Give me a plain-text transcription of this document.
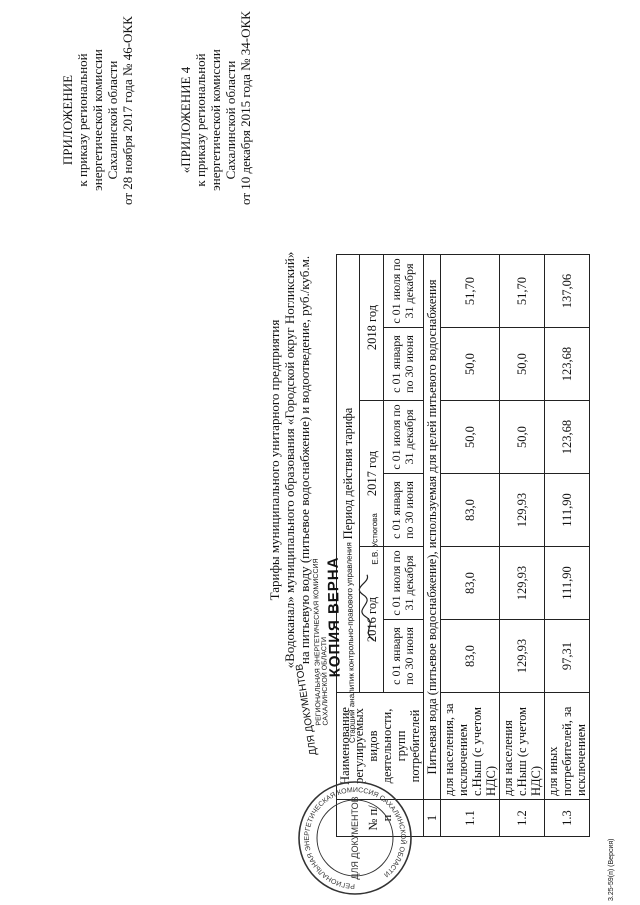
ПРИЛОЖЕНИЕ к приказу региональной энергетической комиссии Сахалинской области от 28 ноября 2017 года № 46-ОКК	«ПРИЛОЖЕНИЕ 4 к приказу региональной энергетической комиссии Сахалинской области от 10 декабря 2015 года № 34-ОКК
Тарифы муниципального унитарного предприятия «Водоканал» муниципального образования «Городской округ Ногликский» на питьевую воду (питьевое водоснабжение) и водоотведение, руб./куб.м.
№ п/п	Наименование регулируемых видов деятельности, групп потребителей	Период действия тарифа					
		2016 год		2017 год		2018 год	
		с 01 января по 30 июня	с 01 июля по 31 декабря	с 01 января по 30 июня	с 01 июля по 31 декабря	с 01 января по 30 июня	с 01 июля по 31 декабря
1	Питьевая вода (питьевое водоснабжение), используемая для целей питьевого водоснабжения						
1.1	для населения, за исключением с.Ныш (с учетом НДС)	83,0	83,0	83,0	50,0	50,0	51,70
1.2	для населения с.Ныш (с учетом НДС)	129,93	129,93	129,93	50,0	50,0	51,70
1.3	для иных потребителей, за исключением	97,31	111,90	111,90	123,68	123,68	137,06
РЕГИОНАЛЬНАЯ ЭНЕРГЕТИЧЕСКАЯ КОМИССИЯ САХАЛИНСКОЙ ОБЛАСТИ
ДЛЯ ДОКУМЕНТОВ
ДЛЯ ДОКУМЕНТОВ
РЕГИОНАЛЬНАЯ ЭНЕРГЕТИЧЕСКАЯ КОМИССИЯ САХАЛИНСКОЙ ОБЛАСТИ
КОПИЯ ВЕРНА Старший аналитик контрольно-правового управления
Е.В. Устюгова
3.25-59(п) (Версия)
